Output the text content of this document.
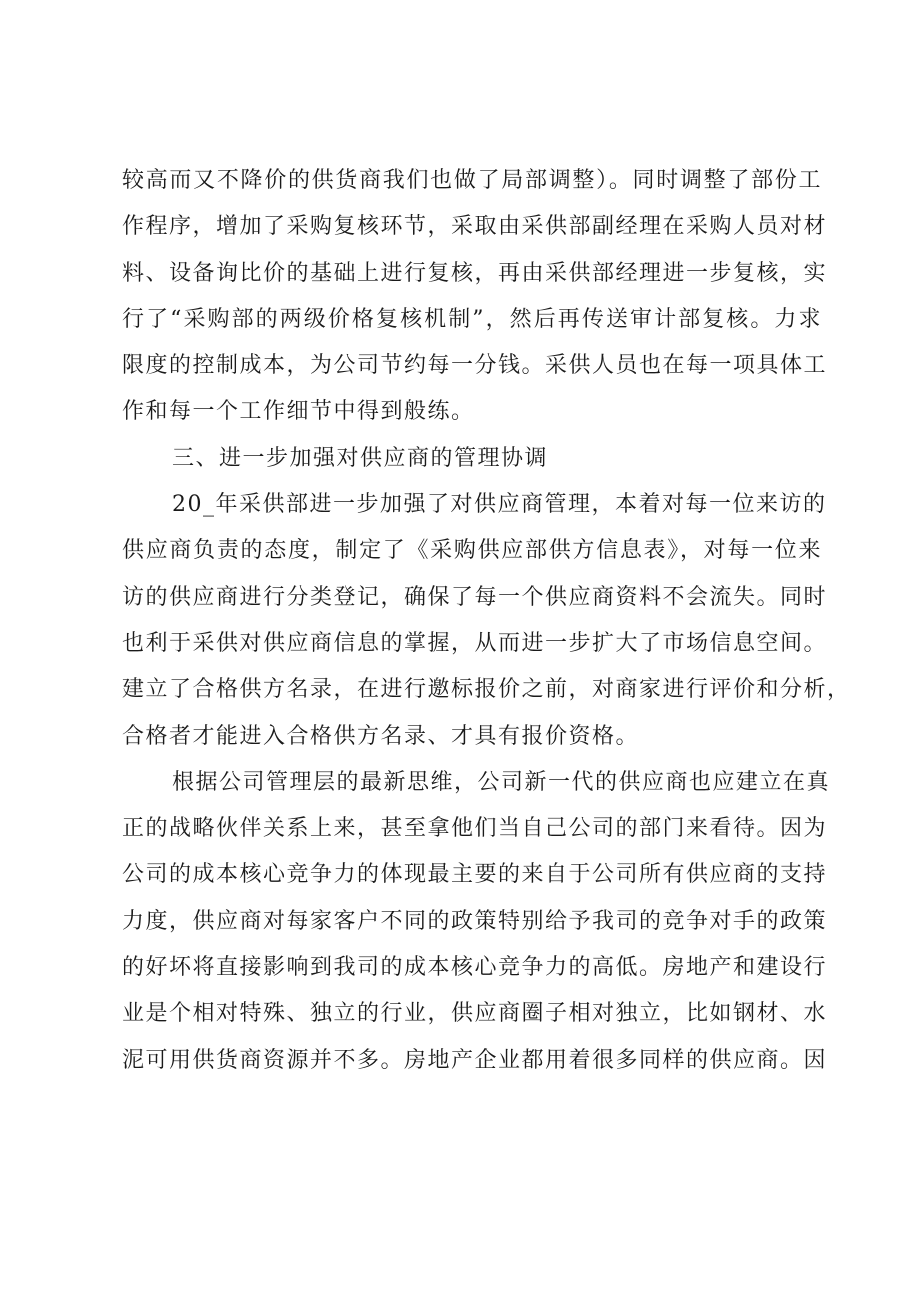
较高而又不降价的供货商我们也做了局部调整）。同时调整了部份工
作程序，增加了采购复核环节，采取由采供部副经理在采购人员对材
料、设备询比价的基础上进行复核，再由采供部经理进一步复核，实
行了“采购部的两级价格复核机制”，然后再传送审计部复核。力求
限度的控制成本，为公司节约每一分钱。采供人员也在每一项具体工
作和每一个工作细节中得到般练。
三、进一步加强对供应商的管理协调
20_年采供部进一步加强了对供应商管理，本着对每一位来访的
供应商负责的态度，制定了《采购供应部供方信息表》，对每一位来
访的供应商进行分类登记，确保了每一个供应商资料不会流失。同时
也利于采供对供应商信息的掌握，从而进一步扩大了市场信息空间。
建立了合格供方名录，在进行邀标报价之前，对商家进行评价和分析，
合格者才能进入合格供方名录、才具有报价资格。
根据公司管理层的最新思维，公司新一代的供应商也应建立在真
正的战略伙伴关系上来，甚至拿他们当自己公司的部门来看待。因为
公司的成本核心竞争力的体现最主要的来自于公司所有供应商的支持
力度，供应商对每家客户不同的政策特别给予我司的竞争对手的政策
的好坏将直接影响到我司的成本核心竞争力的高低。房地产和建设行
业是个相对特殊、独立的行业，供应商圈子相对独立，比如钢材、水
泥可用供货商资源并不多。房地产企业都用着很多同样的供应商。因
